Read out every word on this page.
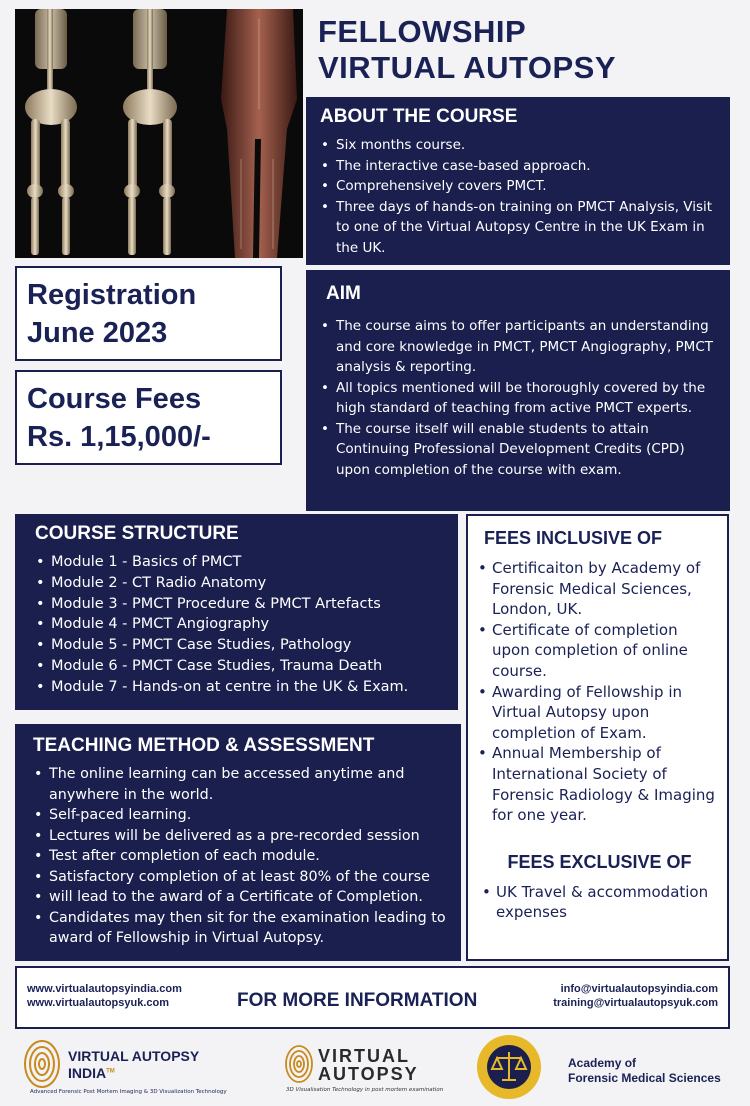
FELLOWSHIP
VIRTUAL AUTOPSY
ABOUT THE COURSE
• Six months course.
• The interactive case-based approach.
• Comprehensively covers PMCT.
• Three days of hands-on training on PMCT Analysis, Visit to one of the Virtual Autopsy Centre in the UK Exam in the UK.
Registration
June 2023
Course Fees
Rs. 1,15,000/-
AIM
• The course aims to offer participants an understanding and core knowledge in PMCT, PMCT Angiography, PMCT analysis & reporting.
• All topics mentioned will be thoroughly covered by the high standard of teaching from active PMCT experts.
• The course itself will enable students to attain Continuing Professional Development Credits (CPD) upon completion of the course with exam.
COURSE STRUCTURE
• Module 1 - Basics of PMCT
• Module 2 - CT Radio Anatomy
• Module 3 - PMCT Procedure & PMCT Artefacts
• Module 4 - PMCT Angiography
• Module 5 - PMCT Case Studies, Pathology
• Module 6 - PMCT Case Studies, Trauma Death
• Module 7 - Hands-on at centre in the UK & Exam.
TEACHING METHOD & ASSESSMENT
• The online learning can be accessed anytime and anywhere in the world.
• Self-paced learning.
• Lectures will be delivered as a pre-recorded session
• Test after completion of each module.
• Satisfactory completion of at least 80% of the course
• will lead to the award of a Certificate of Completion.
• Candidates may then sit for the examination leading to award of Fellowship in Virtual Autopsy.
FEES INCLUSIVE OF
• Certificaiton by Academy of Forensic Medical Sciences, London, UK.
• Certificate of completion upon completion of online course.
• Awarding of Fellowship in Virtual Autopsy upon completion of Exam.
• Annual Membership of International Society of Forensic Radiology & Imaging for one year.
FEES EXCLUSIVE OF
• UK Travel & accommodation expenses
www.virtualautopsyindia.com
www.virtualautopsyuk.com	FOR MORE INFORMATION
info@virtualautopsyindia.com
training@virtualautopsyuk.com
VIRTUAL AUTOPSY
INDIA™
Advanced Forensic Post Mortem Imaging & 3D Visualization Technology
VIRTUAL
AUTOPSY
3D Visualisation Technology in post mortem examination
Academy of
Forensic Medical Sciences
